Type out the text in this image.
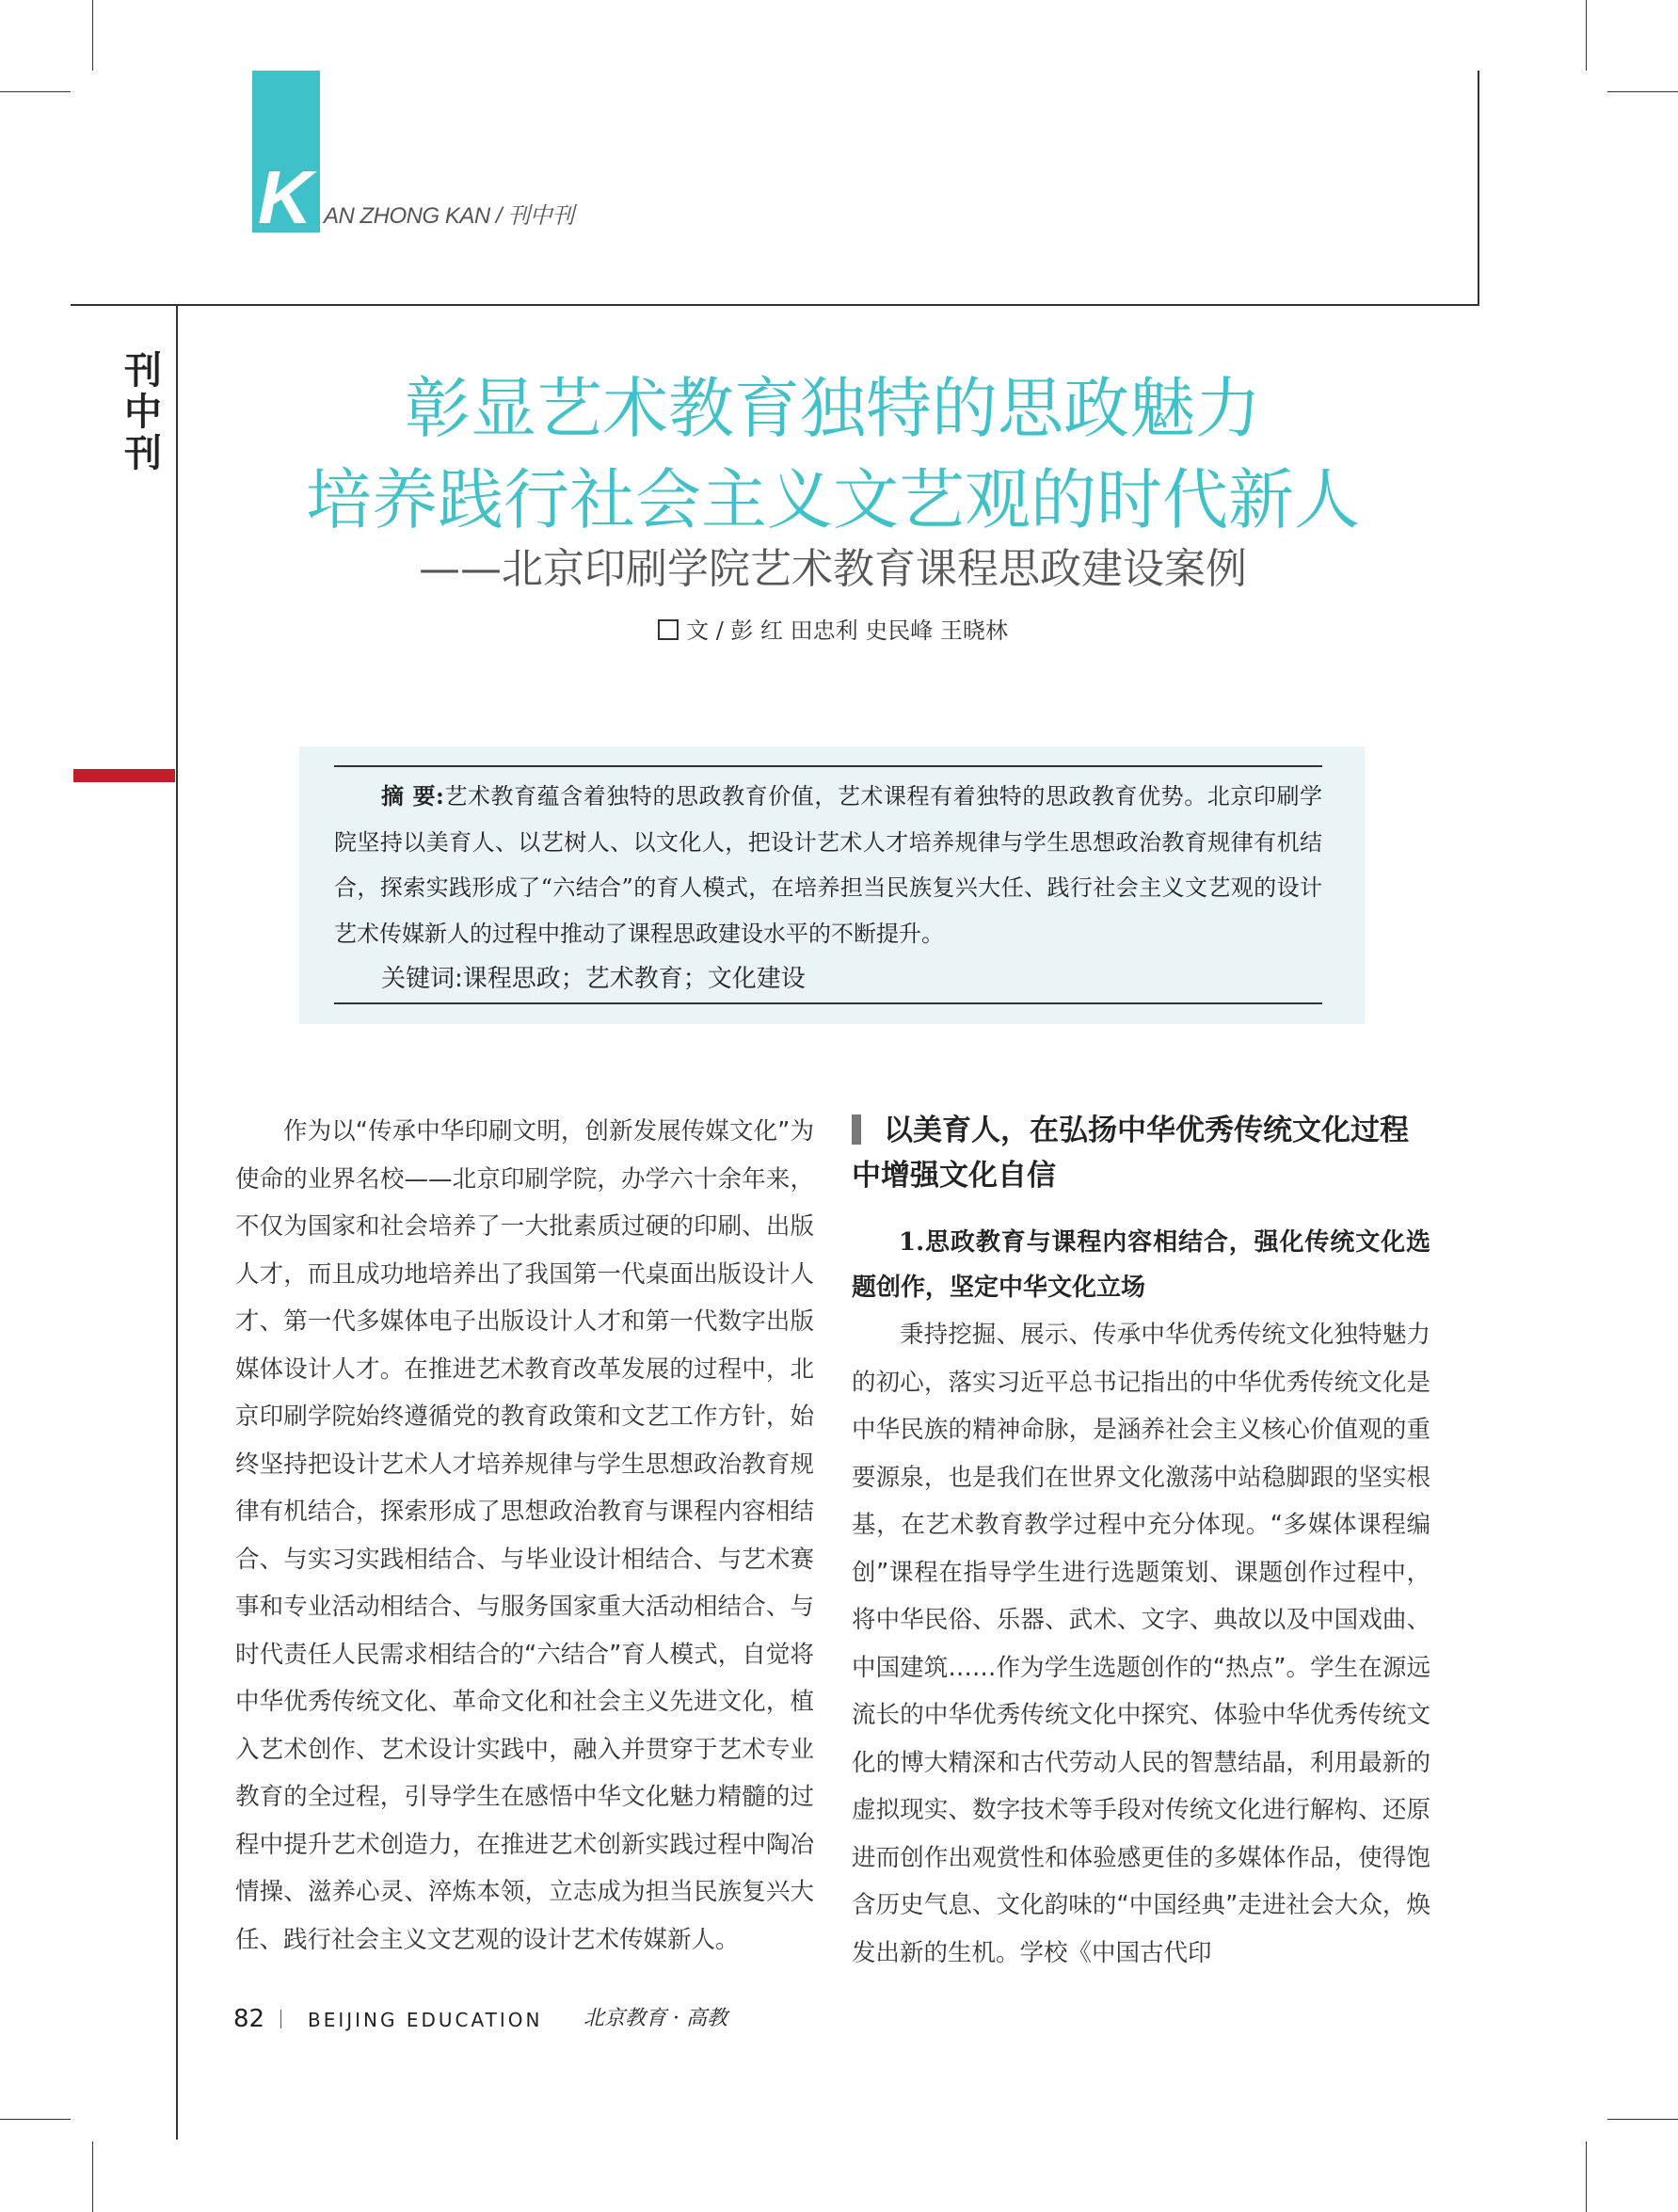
K AN ZHONG KAN / 刊中刊
刊中刊
彰显艺术教育独特的思政魅力
培养践行社会主义文艺观的时代新人
——北京印刷学院艺术教育课程思政建设案例
文 / 彭 红 田忠利 史民峰 王晓林
摘 要:艺术教育蕴含着独特的思政教育价值，艺术课程有着独特的思政教育优势。北京印刷学院坚持以美育人、以艺树人、以文化人，把设计艺术人才培养规律与学生思想政治教育规律有机结合，探索实践形成了“六结合”的育人模式，在培养担当民族复兴大任、践行社会主义文艺观的设计艺术传媒新人的过程中推动了课程思政建设水平的不断提升。
关键词:课程思政；艺术教育；文化建设
作为以“传承中华印刷文明，创新发展传媒文化”为使命的业界名校——北京印刷学院，办学六十余年来，不仅为国家和社会培养了一大批素质过硬的印刷、出版人才，而且成功地培养出了我国第一代桌面出版设计人才、第一代多媒体电子出版设计人才和第一代数字出版媒体设计人才。在推进艺术教育改革发展的过程中，北京印刷学院始终遵循党的教育政策和文艺工作方针，始终坚持把设计艺术人才培养规律与学生思想政治教育规律有机结合，探索形成了思想政治教育与课程内容相结合、与实习实践相结合、与毕业设计相结合、与艺术赛事和专业活动相结合、与服务国家重大活动相结合、与时代责任人民需求相结合的“六结合”育人模式，自觉将中华优秀传统文化、革命文化和社会主义先进文化，植入艺术创作、艺术设计实践中，融入并贯穿于艺术专业教育的全过程，引导学生在感悟中华文化魅力精髓的过程中提升艺术创造力，在推进艺术创新实践过程中陶冶情操、滋养心灵、淬炼本领，立志成为担当民族复兴大任、践行社会主义文艺观的设计艺术传媒新人。
以美育人，在弘扬中华优秀传统文化过程中增强文化自信
1.思政教育与课程内容相结合，强化传统文化选题创作，坚定中华文化立场
秉持挖掘、展示、传承中华优秀传统文化独特魅力的初心，落实习近平总书记指出的中华优秀传统文化是中华民族的精神命脉，是涵养社会主义核心价值观的重要源泉，也是我们在世界文化激荡中站稳脚跟的坚实根基，在艺术教育教学过程中充分体现。“多媒体课程编创”课程在指导学生进行选题策划、课题创作过程中，将中华民俗、乐器、武术、文字、典故以及中国戏曲、中国建筑……作为学生选题创作的“热点”。学生在源远流长的中华优秀传统文化中探究、体验中华优秀传统文化的博大精深和古代劳动人民的智慧结晶，利用最新的虚拟现实、数字技术等手段对传统文化进行解构、还原进而创作出观赏性和体验感更佳的多媒体作品，使得饱含历史气息、文化韵味的“中国经典”走进社会大众，焕发出新的生机。学校《中国古代印
82 BEIJING EDUCATION 北京教育 · 高教
